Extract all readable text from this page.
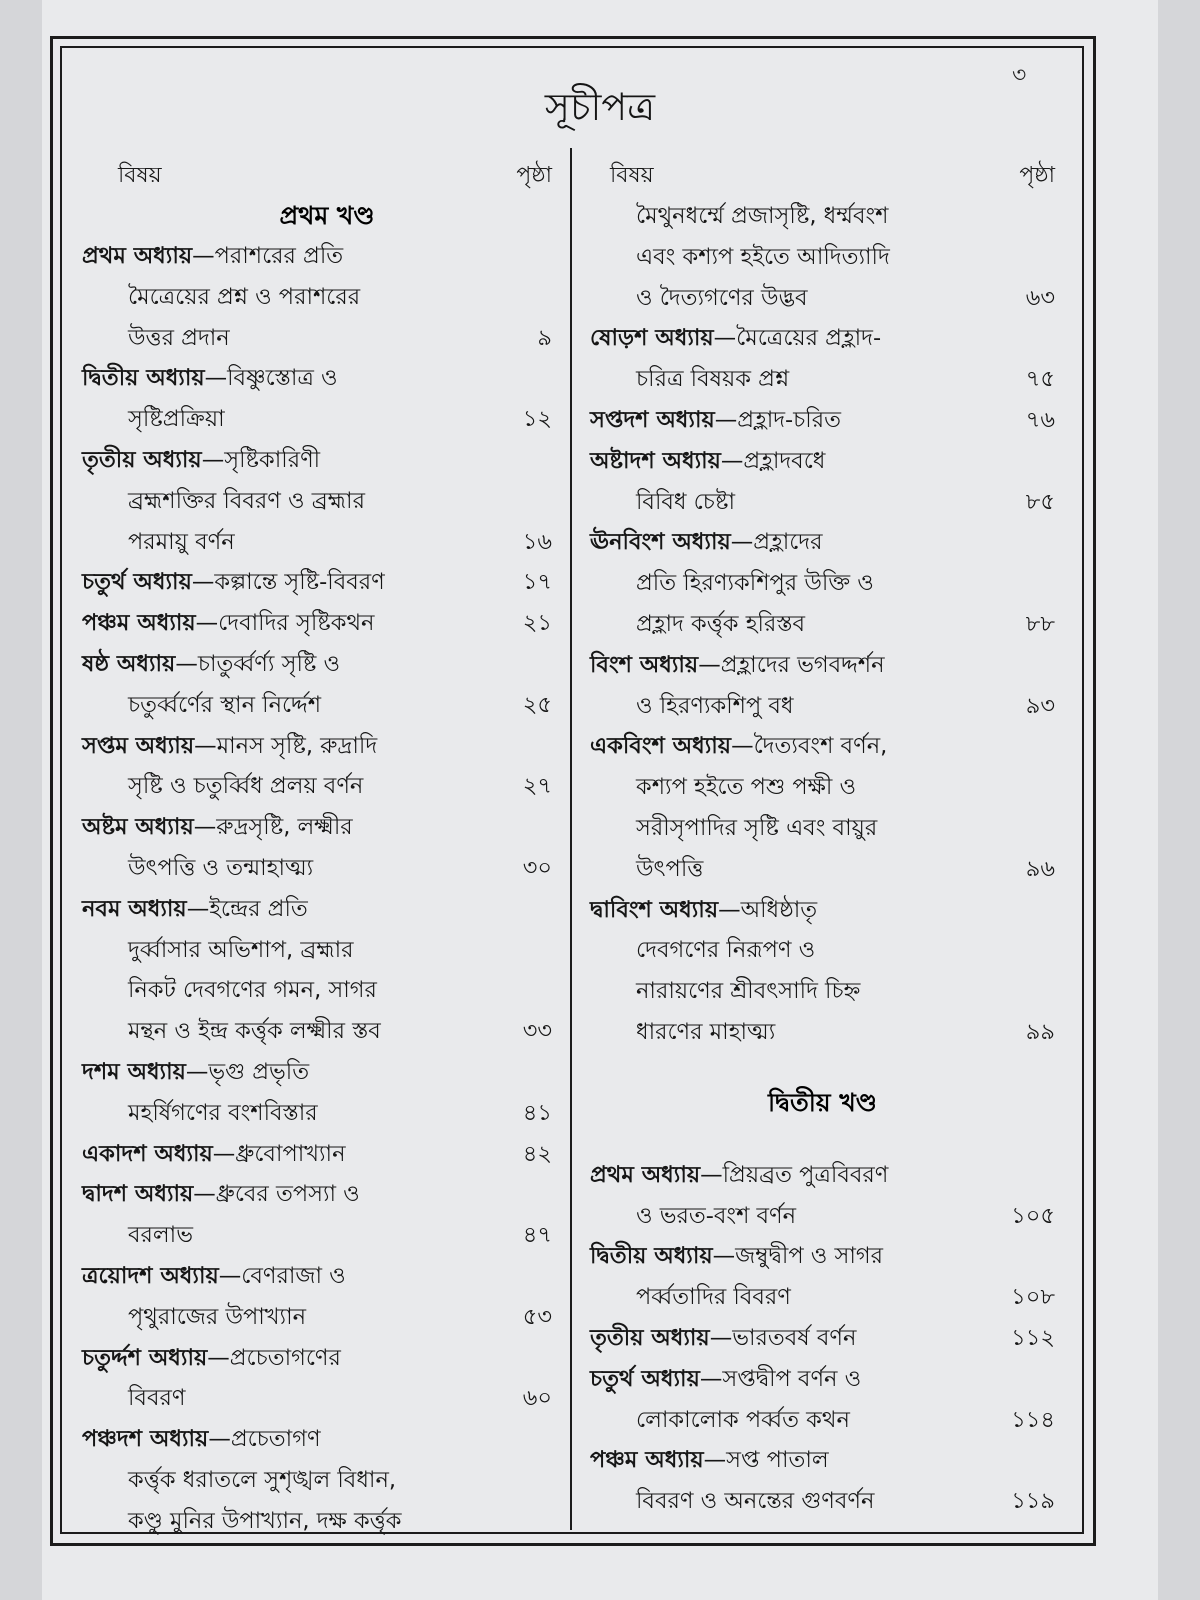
৩
সূচীপত্র
বিষয়	পৃষ্ঠা
প্রথম খণ্ড
প্রথম অধ্যায়—পরাশরের প্রতি
মৈত্রেয়ের প্রশ্ন ও পরাশরের
উত্তর প্রদান	৯
দ্বিতীয় অধ্যায়—বিষ্ণুস্তোত্র ও
সৃষ্টিপ্রক্রিয়া	১২
তৃতীয় অধ্যায়—সৃষ্টিকারিণী
ব্রহ্মশক্তির বিবরণ ও ব্রহ্মার
পরমায়ু বর্ণন	১৬
চতুর্থ অধ্যায়—কল্পান্তে সৃষ্টি-বিবরণ	১৭
পঞ্চম অধ্যায়—দেবাদির সৃষ্টিকথন	২১
ষষ্ঠ অধ্যায়—চাতুর্ব্বর্ণ্য সৃষ্টি ও
চতুর্ব্বর্ণের স্থান নির্দ্দেশ	২৫
সপ্তম অধ্যায়—মানস সৃষ্টি, রুদ্রাদি
সৃষ্টি ও চতুর্ব্বিধ প্রলয় বর্ণন	২৭
অষ্টম অধ্যায়—রুদ্রসৃষ্টি, লক্ষ্মীর
উৎপত্তি ও তন্মাহাত্ম্য	৩০
নবম অধ্যায়—ইন্দ্রের প্রতি
দুর্ব্বাসার অভিশাপ, ব্রহ্মার
নিকট দেবগণের গমন, সাগর
মন্থন ও ইন্দ্র কর্ত্তৃক লক্ষ্মীর স্তব	৩৩
দশম অধ্যায়—ভৃগু প্রভৃতি
মহর্ষিগণের বংশবিস্তার	৪১
একাদশ অধ্যায়—ধ্রুবোপাখ্যান	৪২
দ্বাদশ অধ্যায়—ধ্রুবের তপস্যা ও
বরলাভ	৪৭
ত্রয়োদশ অধ্যায়—বেণরাজা ও
পৃথুরাজের উপাখ্যান	৫৩
চতুর্দ্দশ অধ্যায়—প্রচেতাগণের
বিবরণ	৬০
পঞ্চদশ অধ্যায়—প্রচেতাগণ
কর্ত্তৃক ধরাতলে সুশৃঙ্খল বিধান,
কণ্ডু মুনির উপাখ্যান, দক্ষ কর্ত্তৃক
বিষয়	পৃষ্ঠা
মৈথুনধর্ম্মে প্রজাসৃষ্টি, ধর্ম্মবংশ
এবং কশ্যপ হইতে আদিত্যাদি
ও দৈত্যগণের উদ্ভব	৬৩
ষোড়শ অধ্যায়—মৈত্রেয়ের প্রহ্লাদ-
চরিত্র বিষয়ক প্রশ্ন	৭৫
সপ্তদশ অধ্যায়—প্রহ্লাদ-চরিত	৭৬
অষ্টাদশ অধ্যায়—প্রহ্লাদবধে
বিবিধ চেষ্টা	৮৫
ঊনবিংশ অধ্যায়—প্রহ্লাদের
প্রতি হিরণ্যকশিপুর উক্তি ও
প্রহ্লাদ কর্ত্তৃক হরিস্তব	৮৮
বিংশ অধ্যায়—প্রহ্লাদের ভগবদ্দর্শন
ও হিরণ্যকশিপু বধ	৯৩
একবিংশ অধ্যায়—দৈত্যবংশ বর্ণন,
কশ্যপ হইতে পশু পক্ষী ও
সরীসৃপাদির সৃষ্টি এবং বায়ুর
উৎপত্তি	৯৬
দ্বাবিংশ অধ্যায়—অধিষ্ঠাতৃ
দেবগণের নিরূপণ ও
নারায়ণের শ্রীবৎসাদি চিহ্ন
ধারণের মাহাত্ম্য	৯৯
দ্বিতীয় খণ্ড
প্রথম অধ্যায়—প্রিয়ব্রত পুত্রবিবরণ
ও ভরত-বংশ বর্ণন	১০৫
দ্বিতীয় অধ্যায়—জম্বুদ্বীপ ও সাগর
পর্ব্বতাদির বিবরণ	১০৮
তৃতীয় অধ্যায়—ভারতবর্ষ বর্ণন	১১২
চতুর্থ অধ্যায়—সপ্তদ্বীপ বর্ণন ও
লোকালোক পর্ব্বত কথন	১১৪
পঞ্চম অধ্যায়—সপ্ত পাতাল
বিবরণ ও অনন্তের গুণবর্ণন	১১৯
